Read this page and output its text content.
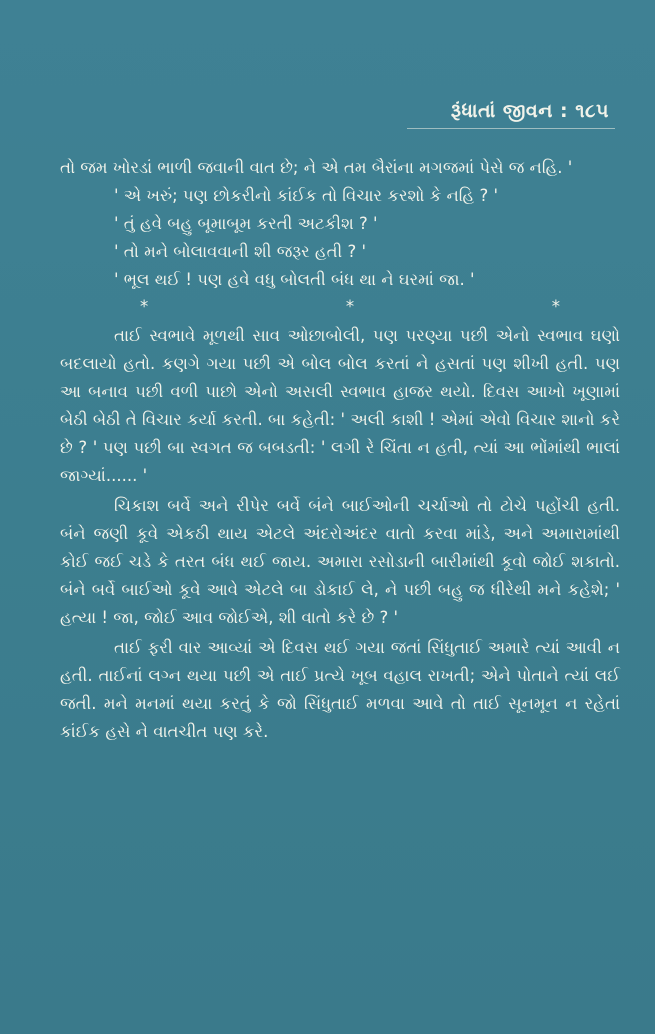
રૂંધાતાં જીવન : ૧૮૫

તો જમ ખોરડાં ભાળી જવાની વાત છે; ને એ તમ બૈરાંના મગજમાં પેસે જ નહિ. '

' એ ખરું; પણ છોકરીનો કાંઈક તો વિચાર કરશો કે નહિ ? '

' તું હવે બહુ બૂમાબૂમ કરતી અટકીશ ? '

' તો મને બોલાવવાની શી જરૂર હતી ? '

' ભૂલ થઈ ! પણ હવે વધુ બોલતી બંધ થા ને ઘરમાં જા. '

*	*	*

તાઈ સ્વભાવે મૂળથી સાવ ઓછાબોલી, પણ પરણ્યા પછી એનો સ્વભાવ ઘણો બદલાયો હતો. કણગે ગયા પછી એ બોલ બોલ કરતાં ને હસતાં પણ શીખી હતી. પણ આ બનાવ પછી વળી પાછો એનો અસલી સ્વભાવ હાજર થયો. દિવસ આખો ખૂણામાં બેઠી બેઠી તે વિચાર કર્યા કરતી. બા કહેતી: ' અલી કાશી ! એમાં એવો વિચાર શાનો કરે છે ? ' પણ પછી બા સ્વગત જ બબડતી: ' લગી રે ચિંતા ન હતી, ત્યાં આ ભોંમાંથી ભાલાં જાગ્યાં...... '

ચિકાશ બર્વે અને રીપેર બર્વે બંને બાઈઓની ચર્ચાઓ તો ટોચે પહોંચી હતી. બંને જણી કૂવે એકઠી થાય એટલે અંદરોઅંદર વાતો કરવા માંડે, અને અમારામાંથી કોઈ જઈ ચડે કે તરત બંધ થઈ જાય. અમારા રસોડાની બારીમાંથી કૂવો જોઈ શકાતો. બંને બર્વે બાઈઓ કૂવે આવે એટલે બા ડોકાઈ લે, ને પછી બહુ જ ધીરેથી મને કહેશે; ' હત્યા ! જા, જોઈ આવ જોઈએ, શી વાતો કરે છે ? '

તાઈ ફરી વાર આવ્યાં એ દિવસ થઈ ગયા જતાં સિંધુતાઈ અમારે ત્યાં આવી ન હતી. તાઈનાં લગ્ન થયા પછી એ તાઈ પ્રત્યે ખૂબ વહાલ રાખતી; એને પોતાને ત્યાં લઈ જતી. મને મનમાં થયા કરતું કે જો સિંધુતાઈ મળવા આવે તો તાઈ સૂનમૂન ન રહેતાં કાંઈક હસે ને વાતચીત પણ કરે.
